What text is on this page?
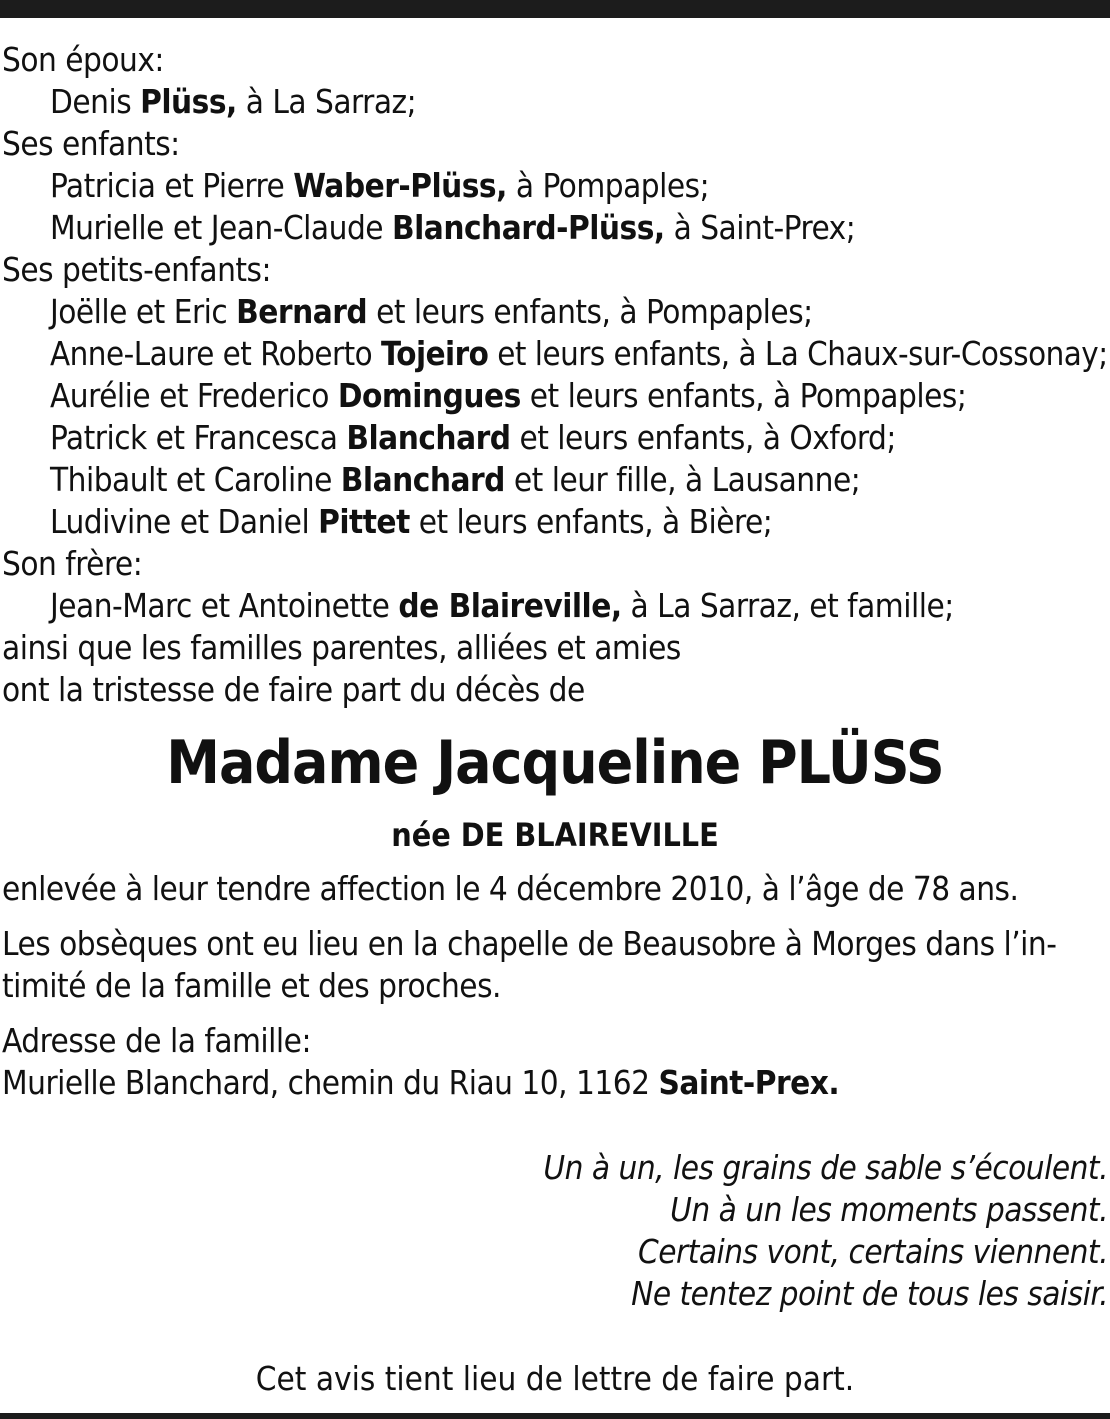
Son époux:
Denis Plüss, à La Sarraz;
Ses enfants:
Patricia et Pierre Waber-Plüss, à Pompaples;
Murielle et Jean-Claude Blanchard-Plüss, à Saint-Prex;
Ses petits-enfants:
Joëlle et Eric Bernard et leurs enfants, à Pompaples;
Anne-Laure et Roberto Tojeiro et leurs enfants, à La Chaux-sur-Cossonay;
Aurélie et Frederico Domingues et leurs enfants, à Pompaples;
Patrick et Francesca Blanchard et leurs enfants, à Oxford;
Thibault et Caroline Blanchard et leur fille, à Lausanne;
Ludivine et Daniel Pittet et leurs enfants, à Bière;
Son frère:
Jean-Marc et Antoinette de Blaireville, à La Sarraz, et famille;
ainsi que les familles parentes, alliées et amies
ont la tristesse de faire part du décès de
Madame Jacqueline PLÜSS
née DE BLAIREVILLE
enlevée à leur tendre affection le 4 décembre 2010, à l’âge de 78 ans.
Les obsèques ont eu lieu en la chapelle de Beausobre à Morges dans l’in-
timité de la famille et des proches.
Adresse de la famille:
Murielle Blanchard, chemin du Riau 10, 1162 Saint-Prex.
Un à un, les grains de sable s’écoulent.
Un à un les moments passent.
Certains vont, certains viennent.
Ne tentez point de tous les saisir.
Cet avis tient lieu de lettre de faire part.
